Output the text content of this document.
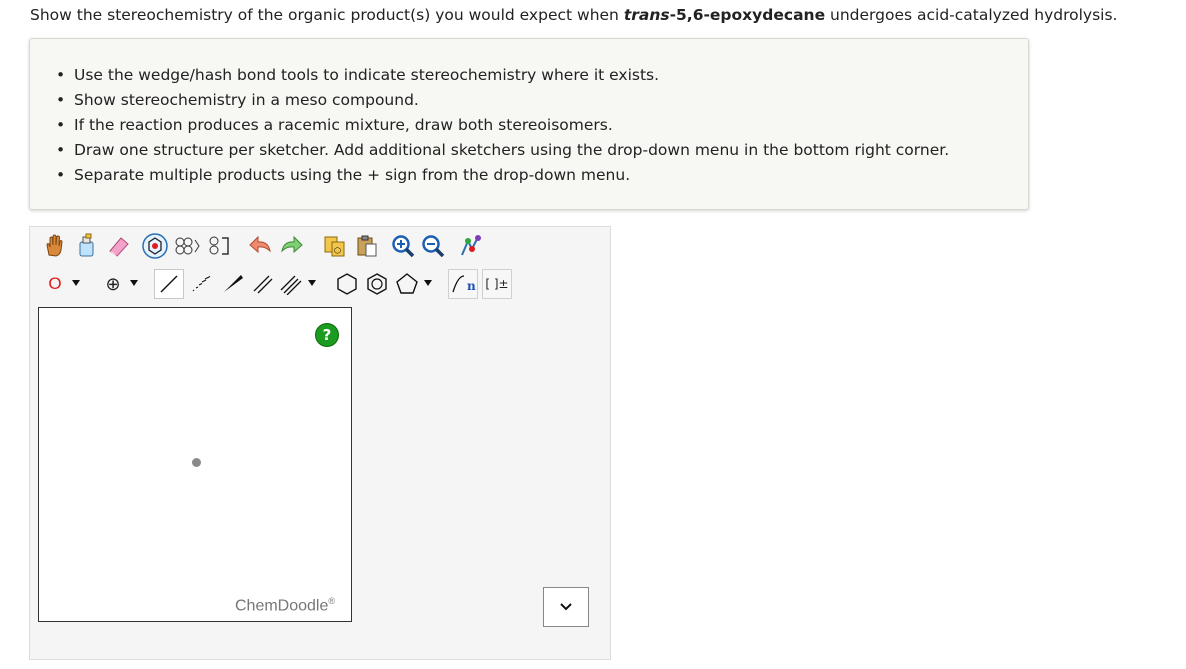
Show the stereochemistry of the organic product(s) you would expect when trans-5,6-epoxydecane undergoes acid-catalyzed hydrolysis.
• Use the wedge/hash bond tools to indicate stereochemistry where it exists.
• Show stereochemistry in a meso compound.
• If the reaction produces a racemic mixture, draw both stereoisomers.
• Draw one structure per sketcher. Add additional sketchers using the drop-down menu in the bottom right corner.
• Separate multiple products using the + sign from the drop-down menu.
⬡
O ⊕	n [ ]±
?
ChemDoodle®
